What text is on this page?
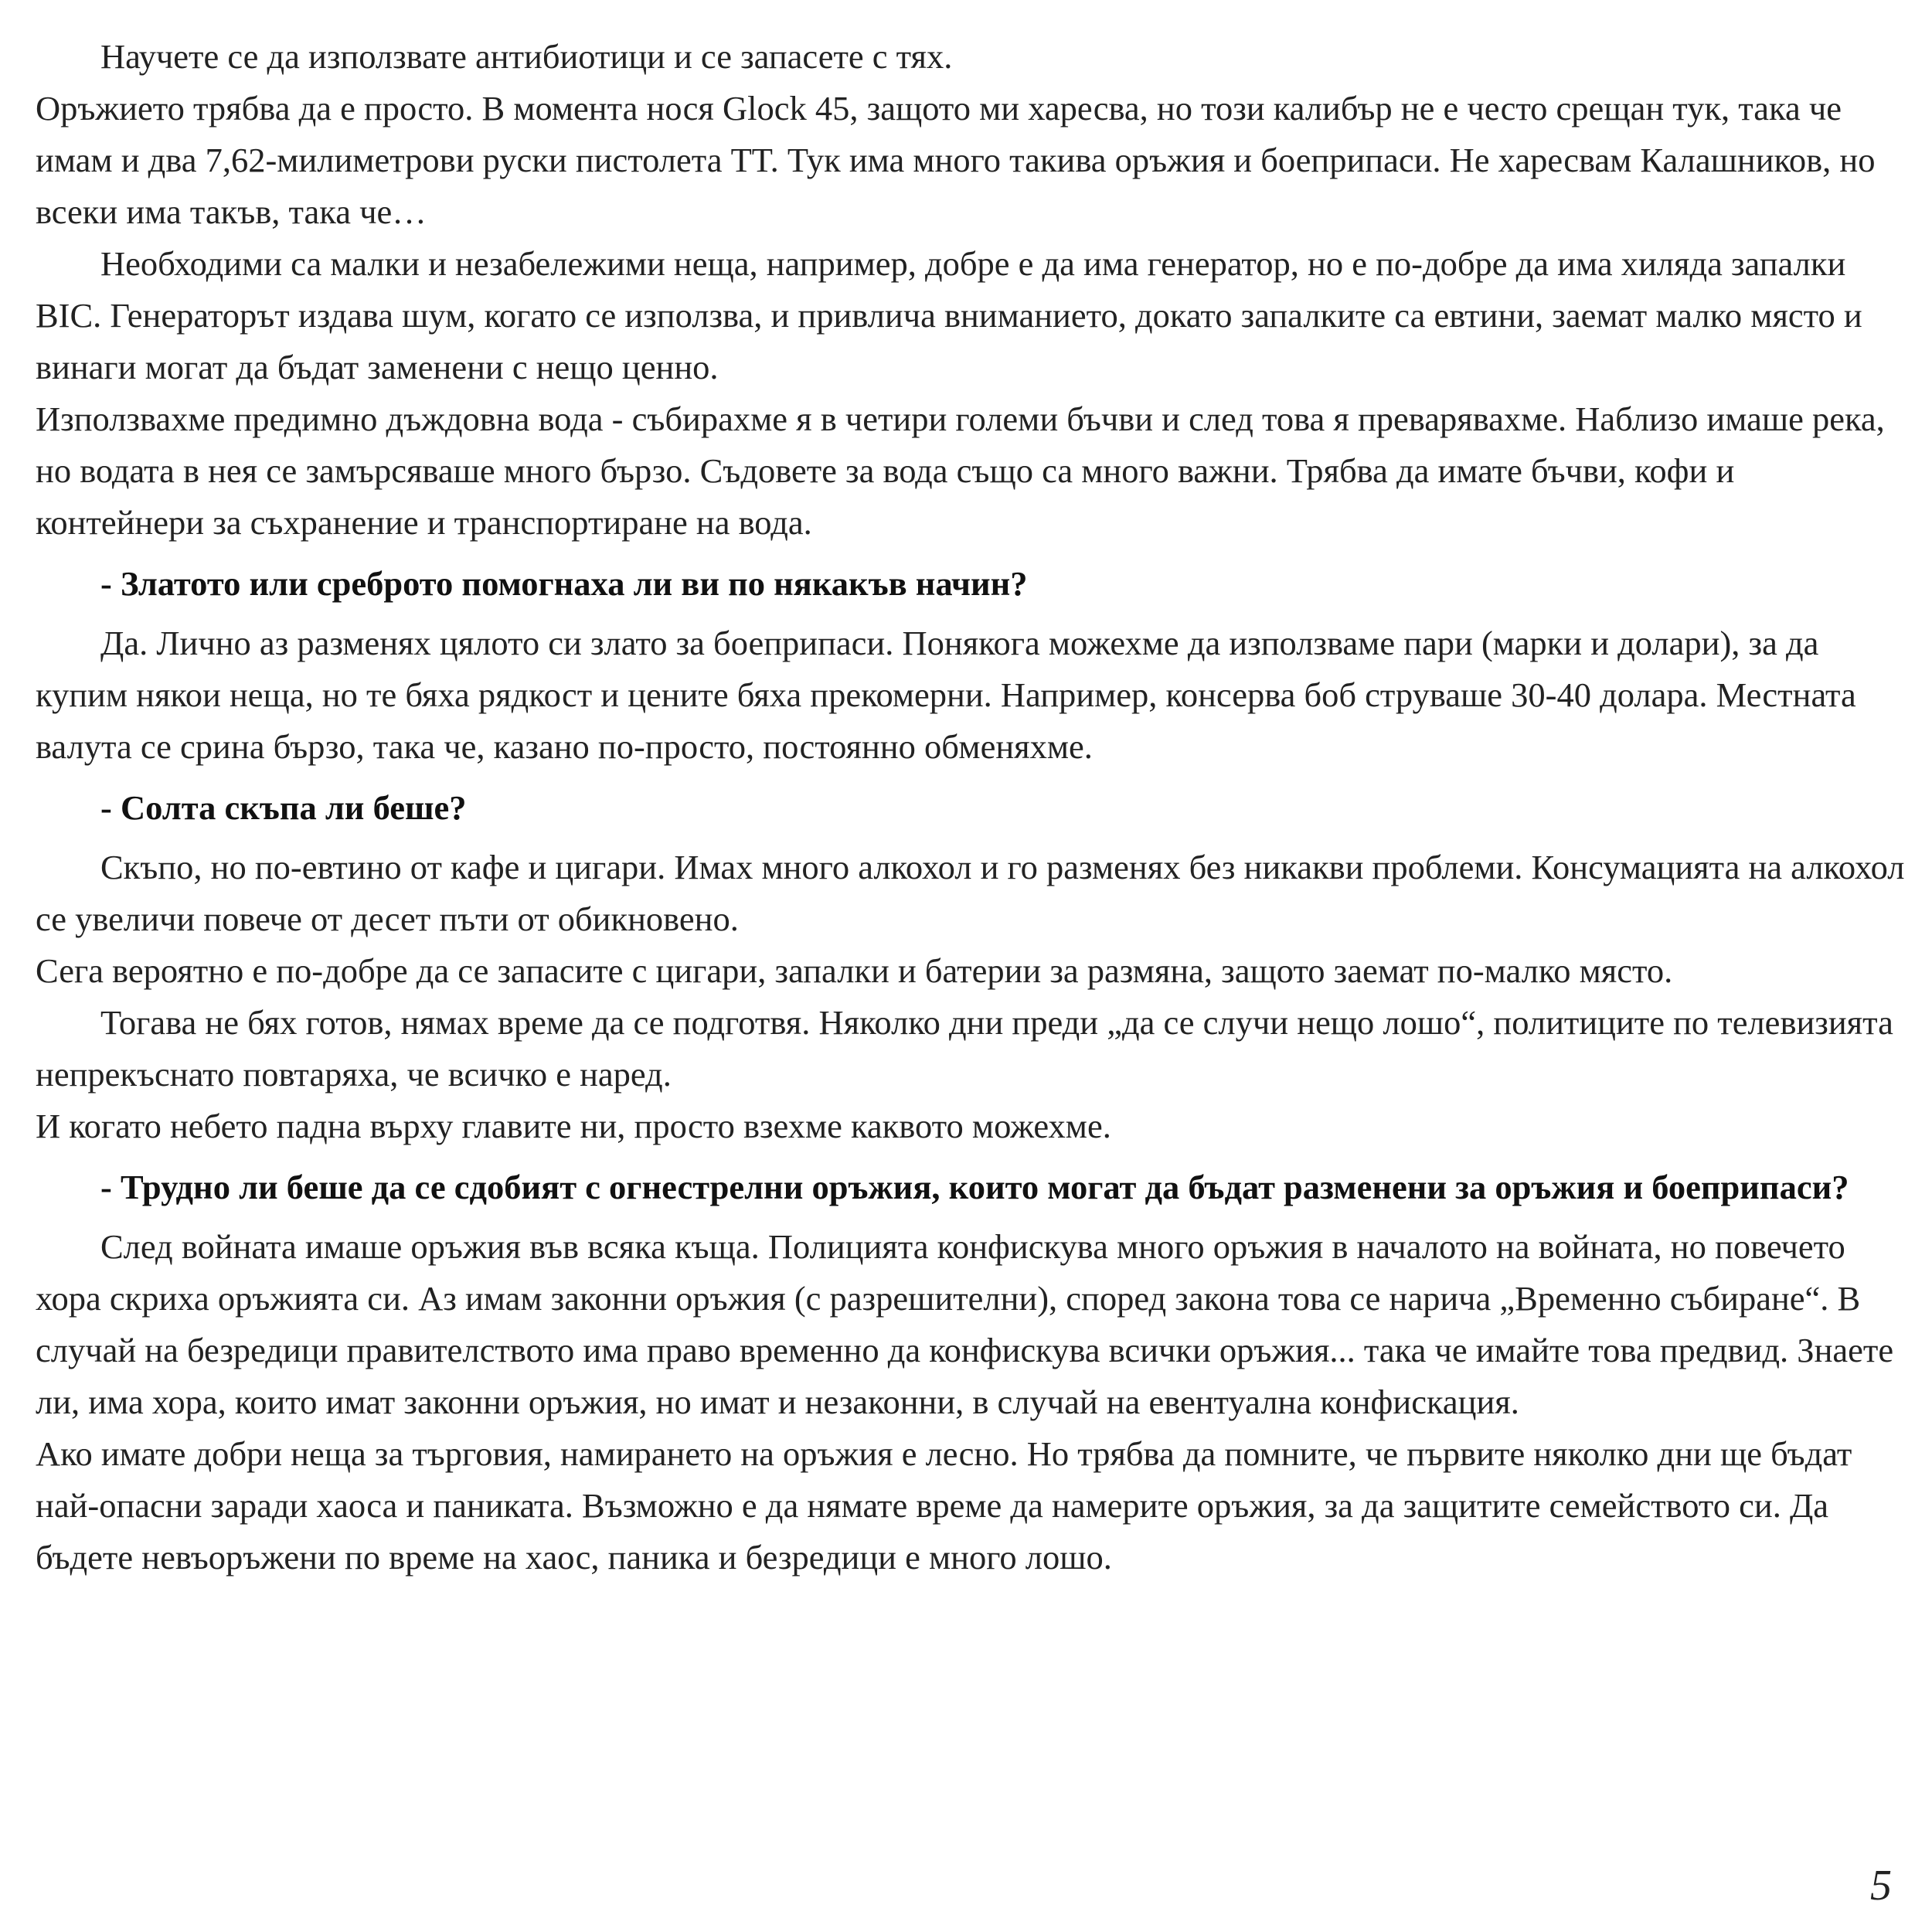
Научете се да използвате антибиотици и се запасете с тях.

Оръжието трябва да е просто. В момента нося Glock 45, защото ми харесва, но този калибър не е често срещан тук, така че имам и два 7,62-милиметрови руски пистолета TT. Тук има много такива оръжия и боеприпаси. Не харесвам Калашников, но всеки има такъв, така че…

Необходими са малки и незабележими неща, например, добре е да има генератор, но е по-добре да има хиляда запалки BIC. Генераторът издава шум, когато се използва, и привлича вниманието, докато запалките са евтини, заемат малко място и винаги могат да бъдат заменени с нещо ценно.

Използвахме предимно дъждовна вода - събирахме я в четири големи бъчви и след това я преварявахме. Наблизо имаше река, но водата в нея се замърсяваше много бързо. Съдовете за вода също са много важни. Трябва да имате бъчви, кофи и контейнери за съхранение и транспортиране на вода.

- Златото или среброто помогнаха ли ви по някакъв начин?

Да. Лично аз разменях цялото си злато за боеприпаси. Понякога можехме да използваме пари (марки и долари), за да купим някои неща, но те бяха рядкост и цените бяха прекомерни. Например, консерва боб струваше 30-40 долара. Местната валута се срина бързо, така че, казано по-просто, постоянно обменяхме.

- Солта скъпа ли беше?

Скъпо, но по-евтино от кафе и цигари. Имах много алкохол и го разменях без никакви проблеми. Консумацията на алкохол се увеличи повече от десет пъти от обикновено.

Сега вероятно е по-добре да се запасите с цигари, запалки и батерии за размяна, защото заемат по-малко място.

Тогава не бях готов, нямах време да се подготвя. Няколко дни преди „да се случи нещо лошо“, политиците по телевизията непрекъснато повтаряха, че всичко е наред.

И когато небето падна върху главите ни, просто взехме каквото можехме.

- Трудно ли беше да се сдобият с огнестрелни оръжия, които могат да бъдат разменени за оръжия и боеприпаси?

След войната имаше оръжия във всяка къща. Полицията конфискува много оръжия в началото на войната, но повечето хора скриха оръжията си. Аз имам законни оръжия (с разрешителни), според закона това се нарича „Временно събиране“. В случай на безредици правителството има право временно да конфискува всички оръжия... така че имайте това предвид. Знаете ли, има хора, които имат законни оръжия, но имат и незаконни, в случай на евентуална конфискация.

Ако имате добри неща за търговия, намирането на оръжия е лесно. Но трябва да помните, че първите няколко дни ще бъдат най-опасни заради хаоса и паниката. Възможно е да нямате време да намерите оръжия, за да защитите семейството си. Да бъдете невъоръжени по време на хаос, паника и безредици е много лошо.

5
